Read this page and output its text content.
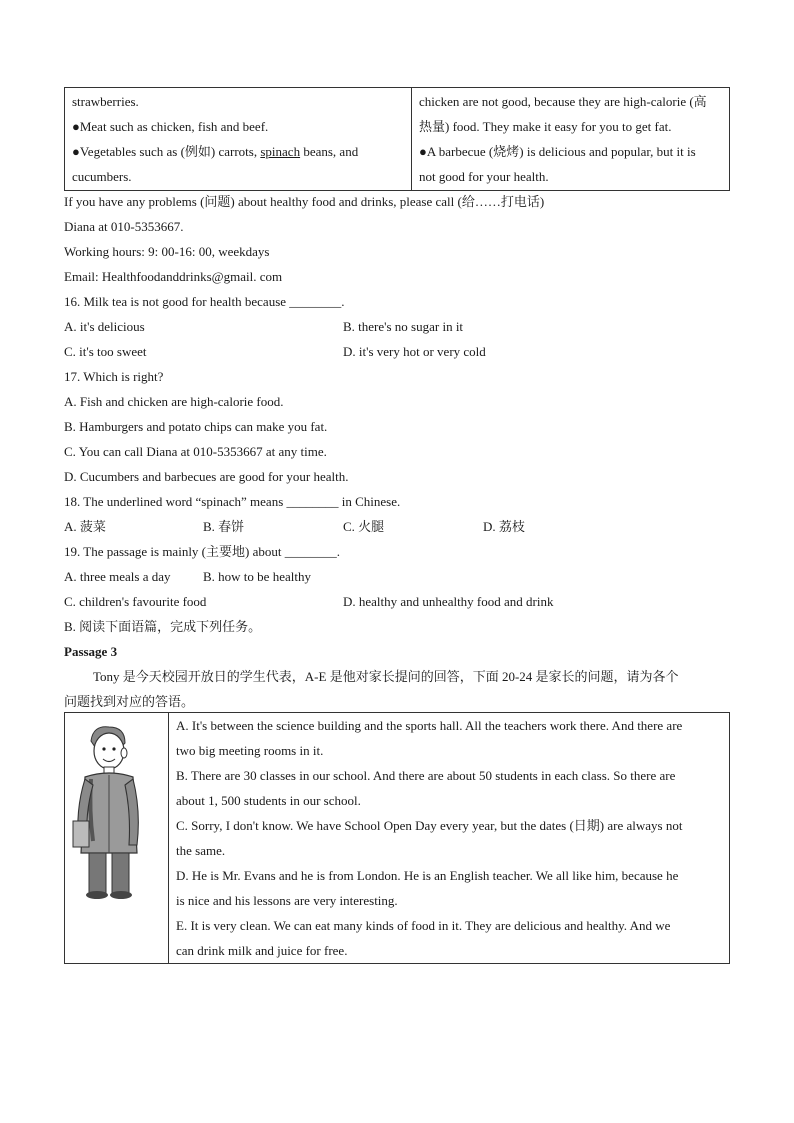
strawberries.
●Meat such as chicken, fish and beef.
●Vegetables such as (例如) carrots, spinach beans, and
cucumbers.

chicken are not good, because they are high-calorie (高
热量) food. They make it easy for you to get fat.
●A barbecue (烧烤) is delicious and popular, but it is
not good for your health.
If you have any problems (问题) about healthy food and drinks, please call (给……打电话)
Diana at 010-5353667.
Working hours: 9: 00-16: 00, weekdays
Email: Healthfoodanddrinks@gmail. com
16. Milk tea is not good for health because ________.
A. it's delicious	B. there's no sugar in it
C. it's too sweet	D. it's very hot or very cold
17. Which is right?
A. Fish and chicken are high-calorie food.
B. Hamburgers and potato chips can make you fat.
C. You can call Diana at 010-5353667 at any time.
D. Cucumbers and barbecues are good for your health.
18. The underlined word “spinach” means ________ in Chinese.
A. 菠菜	B. 春饼	C. 火腿	D. 荔枝
19. The passage is mainly (主要地) about ________.
A. three meals a day	B. how to be healthy
C. children's favourite food	D. healthy and unhealthy food and drink
B. 阅读下面语篇，完成下列任务。
Passage 3
Tony 是今天校园开放日的学生代表，A-E 是他对家长提问的回答，下面 20-24 是家长的问题，请为各个
问题找到对应的答语。

A. It's between the science building and the sports hall. All the teachers work there. And there are
two big meeting rooms in it.
B. There are 30 classes in our school. And there are about 50 students in each class. So there are
about 1, 500 students in our school.
C. Sorry, I don't know. We have School Open Day every year, but the dates (日期) are always not
the same.
D. He is Mr. Evans and he is from London. He is an English teacher. We all like him, because he
is nice and his lessons are very interesting.
E. It is very clean. We can eat many kinds of food in it. They are delicious and healthy. And we
can drink milk and juice for free.
